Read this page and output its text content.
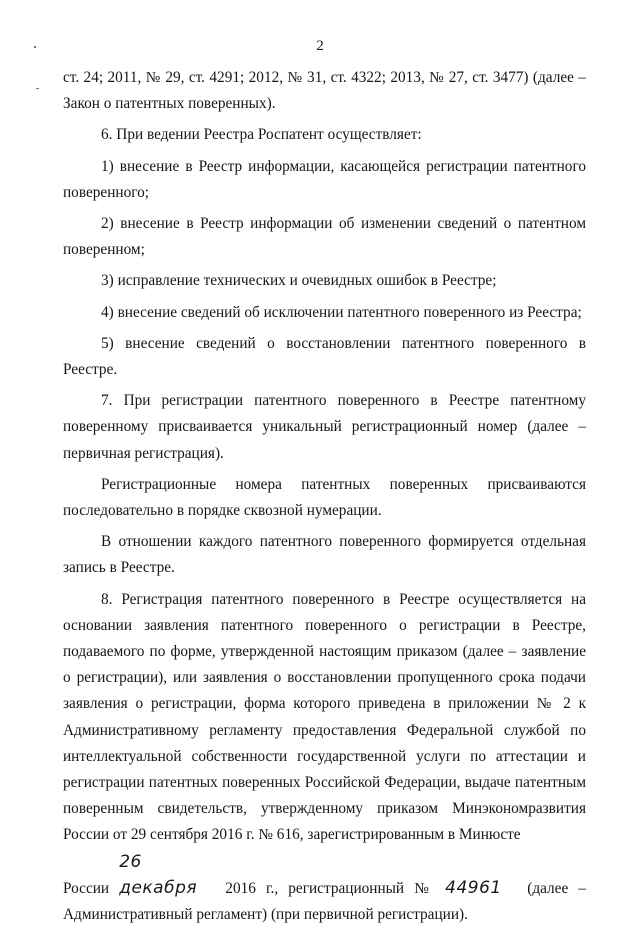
2

ст. 24; 2011, № 29, ст. 4291; 2012, № 31, ст. 4322; 2013, № 27, ст. 3477) (далее – Закон о патентных поверенных).

6. При ведении Реестра Роспатент осуществляет:

1) внесение в Реестр информации, касающейся регистрации патентного поверенного;

2) внесение в Реестр информации об изменении сведений о патентном поверенном;

3) исправление технических и очевидных ошибок в Реестре;

4) внесение сведений об исключении патентного поверенного из Реестра;

5) внесение сведений о восстановлении патентного поверенного в Реестре.

7. При регистрации патентного поверенного в Реестре патентному поверенному присваивается уникальный регистрационный номер (далее – первичная регистрация).

Регистрационные номера патентных поверенных присваиваются последовательно в порядке сквозной нумерации.

В отношении каждого патентного поверенного формируется отдельная запись в Реестре.

8. Регистрация патентного поверенного в Реестре осуществляется на основании заявления патентного поверенного о регистрации в Реестре, подаваемого по форме, утвержденной настоящим приказом (далее – заявление о регистрации), или заявления о восстановлении пропущенного срока подачи заявления о регистрации, форма которого приведена в приложении № 2 к Административному регламенту предоставления Федеральной службой по интеллектуальной собственности государственной услуги по аттестации и регистрации патентных поверенных Российской Федерации, выдаче патентным поверенным свидетельств, утвержденному приказом Минэкономразвития России от 29 сентября 2016 г. № 616, зарегистрированным в Минюсте

России 26 декабря 2016 г., регистрационный № 44961 (далее – Административный регламент) (при первичной регистрации).
